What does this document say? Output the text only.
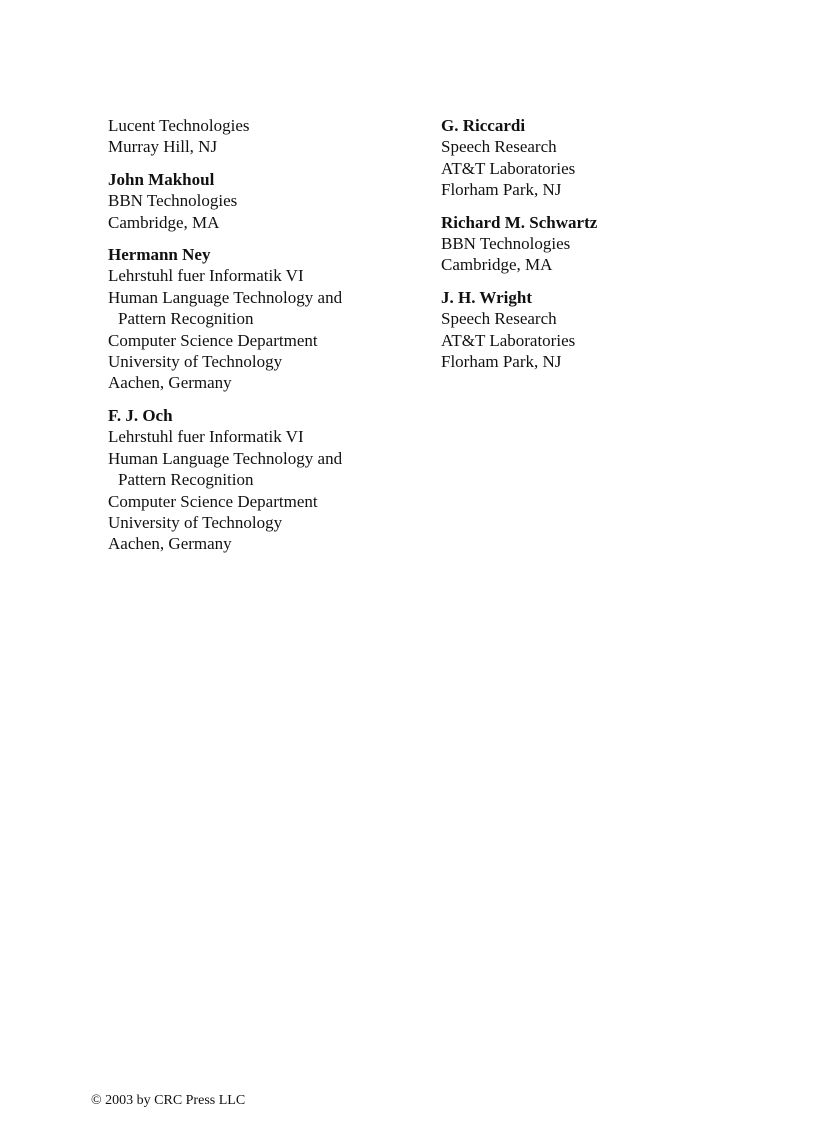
Lucent Technologies
Murray Hill, NJ
John Makhoul
BBN Technologies
Cambridge, MA
Hermann Ney
Lehrstuhl fuer Informatik VI
Human Language Technology and
Pattern Recognition
Computer Science Department
University of Technology
Aachen, Germany
F. J. Och
Lehrstuhl fuer Informatik VI
Human Language Technology and
Pattern Recognition
Computer Science Department
University of Technology
Aachen, Germany
G. Riccardi
Speech Research
AT&T Laboratories
Florham Park, NJ
Richard M. Schwartz
BBN Technologies
Cambridge, MA
J. H. Wright
Speech Research
AT&T Laboratories
Florham Park, NJ
© 2003 by CRC Press LLC
